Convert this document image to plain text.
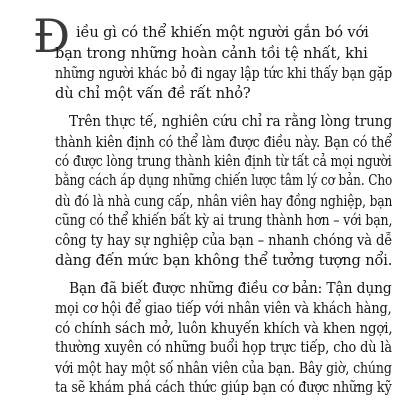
Đ iều gì có thể khiến một người gắn bó với
bạn trong những hoàn cảnh tồi tệ nhất, khi
những người khác bỏ đi ngay lập tức khi thấy bạn gặp
dù chỉ một vấn đề rất nhỏ?
Trên thực tế, nghiên cứu chỉ ra rằng lòng trung
thành kiên định có thể làm được điều này. Bạn có thể
có được lòng trung thành kiên định từ tất cả mọi người
bằng cách áp dụng những chiến lược tâm lý cơ bản. Cho
dù đó là nhà cung cấp, nhân viên hay đồng nghiệp, bạn
cũng có thể khiến bất kỳ ai trung thành hơn – với bạn,
công ty hay sự nghiệp của bạn – nhanh chóng và dễ
dàng đến mức bạn không thể tưởng tượng nổi.
Bạn đã biết được những điều cơ bản: Tận dụng
mọi cơ hội để giao tiếp với nhân viên và khách hàng,
có chính sách mở, luôn khuyến khích và khen ngợi,
thường xuyên có những buổi họp trực tiếp, cho dù là
với một hay một số nhân viên của bạn. Bây giờ, chúng
ta sẽ khám phá cách thức giúp bạn có được những kỹ
